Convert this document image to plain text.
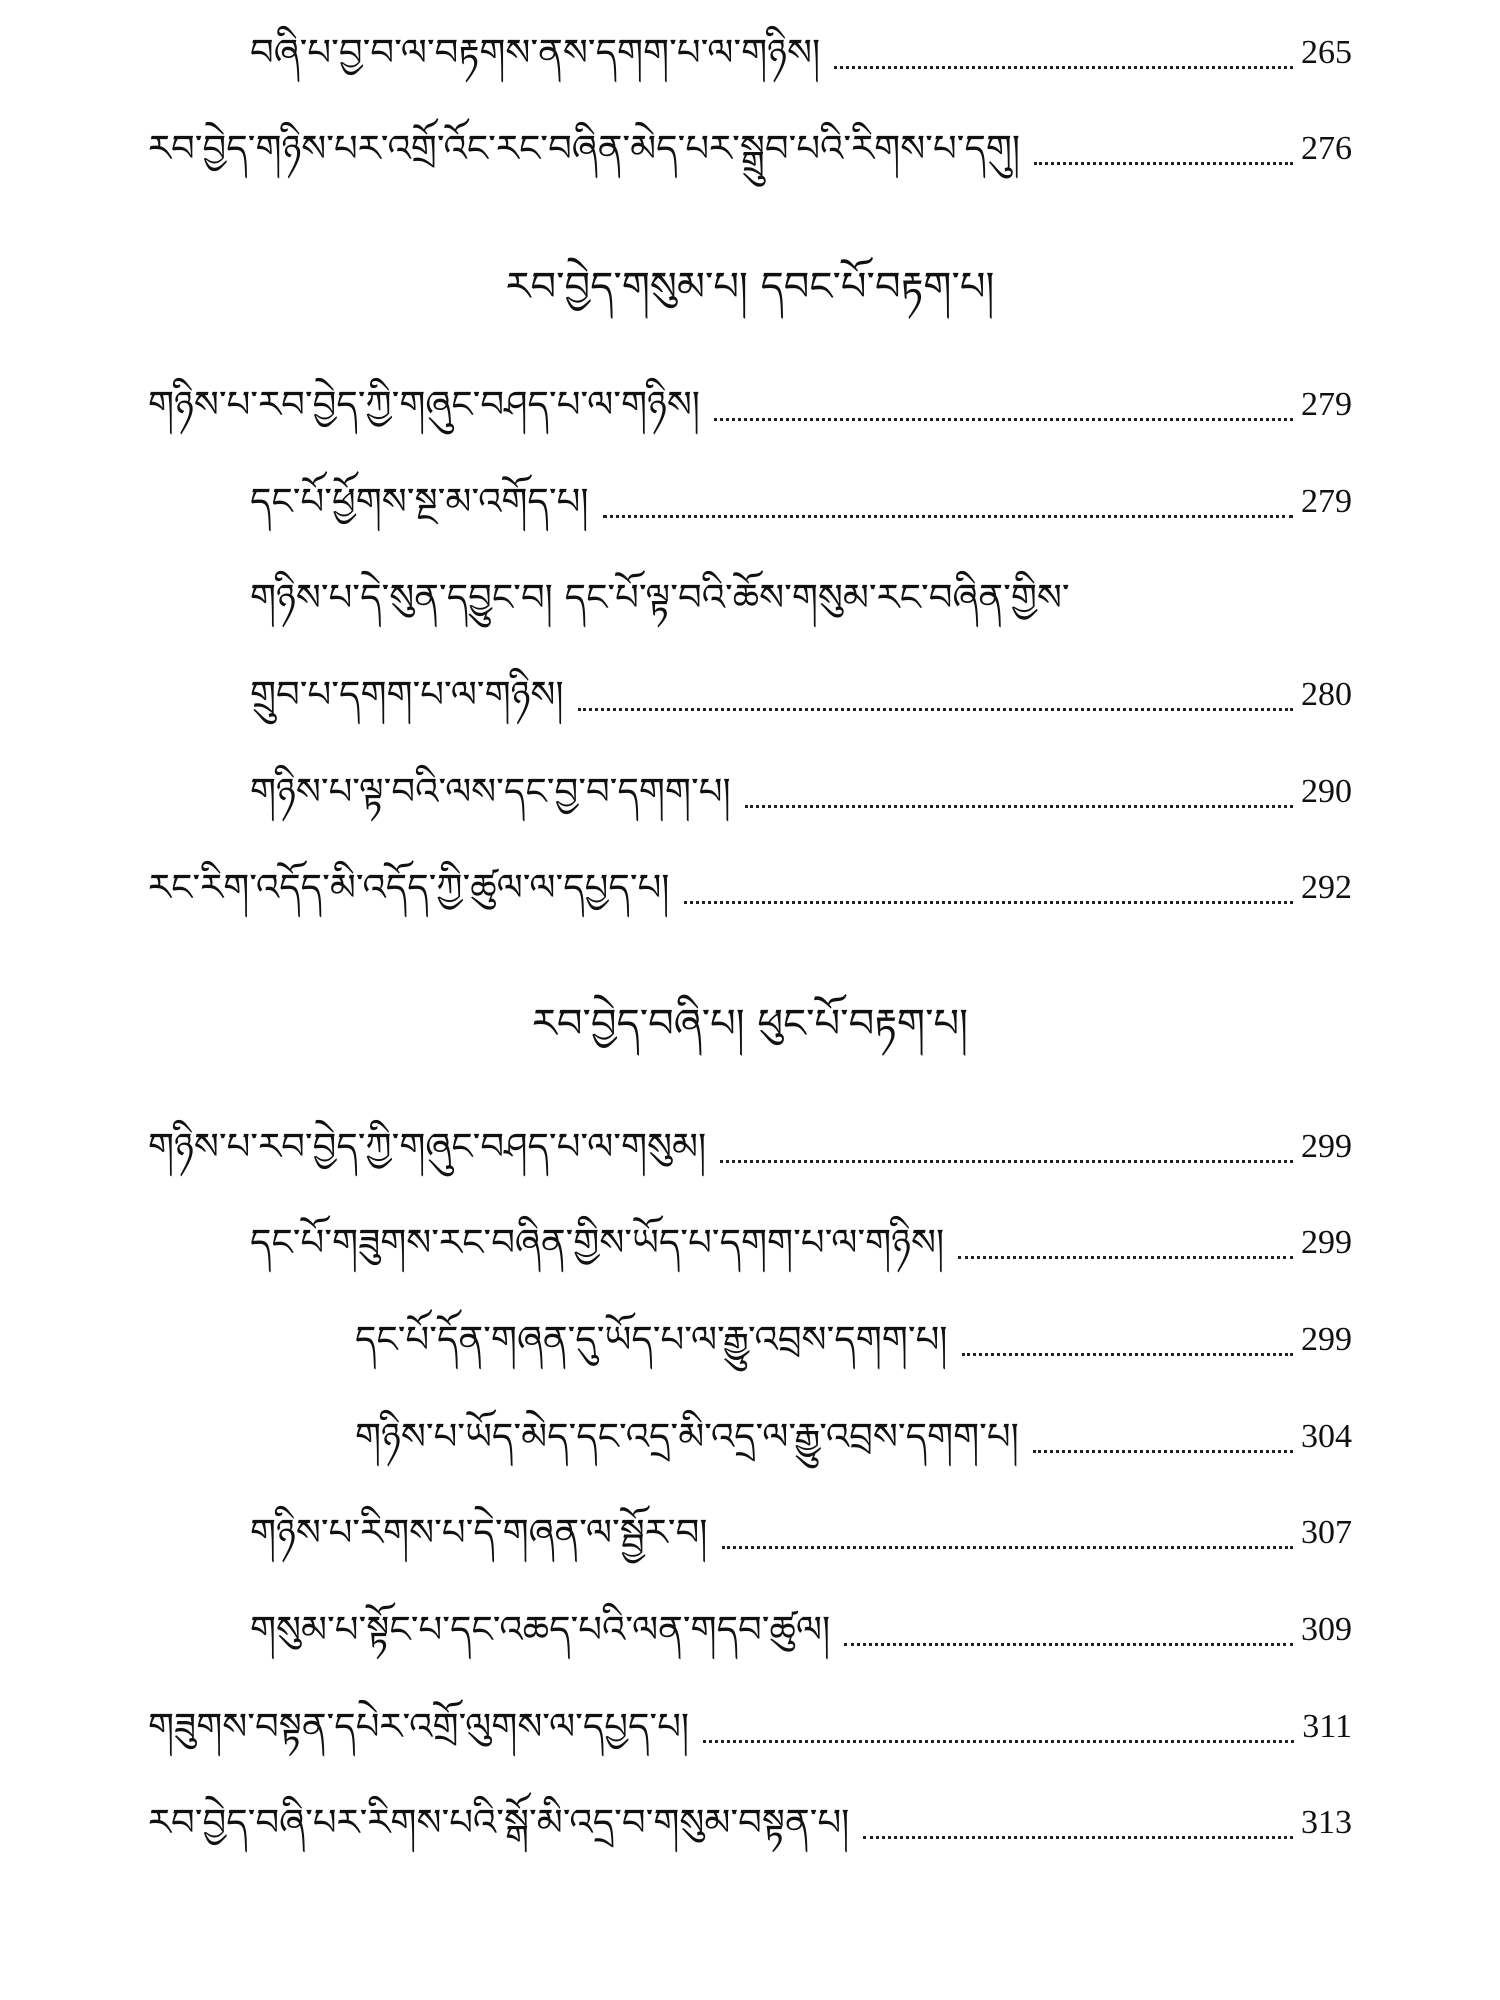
བཞི་པ་བྱ་བ་ལ་བརྟགས་ནས་དགག་པ་ལ་གཉིས།	265
རབ་བྱེད་གཉིས་པར་འགྲོ་འོང་རང་བཞིན་མེད་པར་སྒྲུབ་པའི་རིགས་པ་དགུ།	276
རབ་བྱེད་གསུམ་པ། དབང་པོ་བརྟག་པ།
གཉིས་པ་རབ་བྱེད་ཀྱི་གཞུང་བཤད་པ་ལ་གཉིས།	279
དང་པོ་ཕྱོགས་སྔ་མ་འགོད་པ།	279
གཉིས་པ་དེ་སུན་དབྱུང་བ། དང་པོ་ལྟ་བའི་ཆོས་གསུམ་རང་བཞིན་གྱིས་
གྲུབ་པ་དགག་པ་ལ་གཉིས།	280
གཉིས་པ་ལྟ་བའི་ལས་དང་བྱ་བ་དགག་པ།	290
རང་རིག་འདོད་མི་འདོད་ཀྱི་ཚུལ་ལ་དཔྱད་པ།	292
རབ་བྱེད་བཞི་པ། ཕུང་པོ་བརྟག་པ།
གཉིས་པ་རབ་བྱེད་ཀྱི་གཞུང་བཤད་པ་ལ་གསུམ།	299
དང་པོ་གཟུགས་རང་བཞིན་གྱིས་ཡོད་པ་དགག་པ་ལ་གཉིས།	299
དང་པོ་དོན་གཞན་དུ་ཡོད་པ་ལ་རྒྱུ་འབྲས་དགག་པ།	299
གཉིས་པ་ཡོད་མེད་དང་འདྲ་མི་འདྲ་ལ་རྒྱུ་འབྲས་དགག་པ།	304
གཉིས་པ་རིགས་པ་དེ་གཞན་ལ་སྦྱོར་བ།	307
གསུམ་པ་སྟོང་པ་དང་འཆད་པའི་ལན་གདབ་ཚུལ།	309
གཟུགས་བསྟན་དཔེར་འགྲོ་ལུགས་ལ་དཔྱད་པ།	311
རབ་བྱེད་བཞི་པར་རིགས་པའི་སྒོ་མི་འདྲ་བ་གསུམ་བསྟན་པ།	313
